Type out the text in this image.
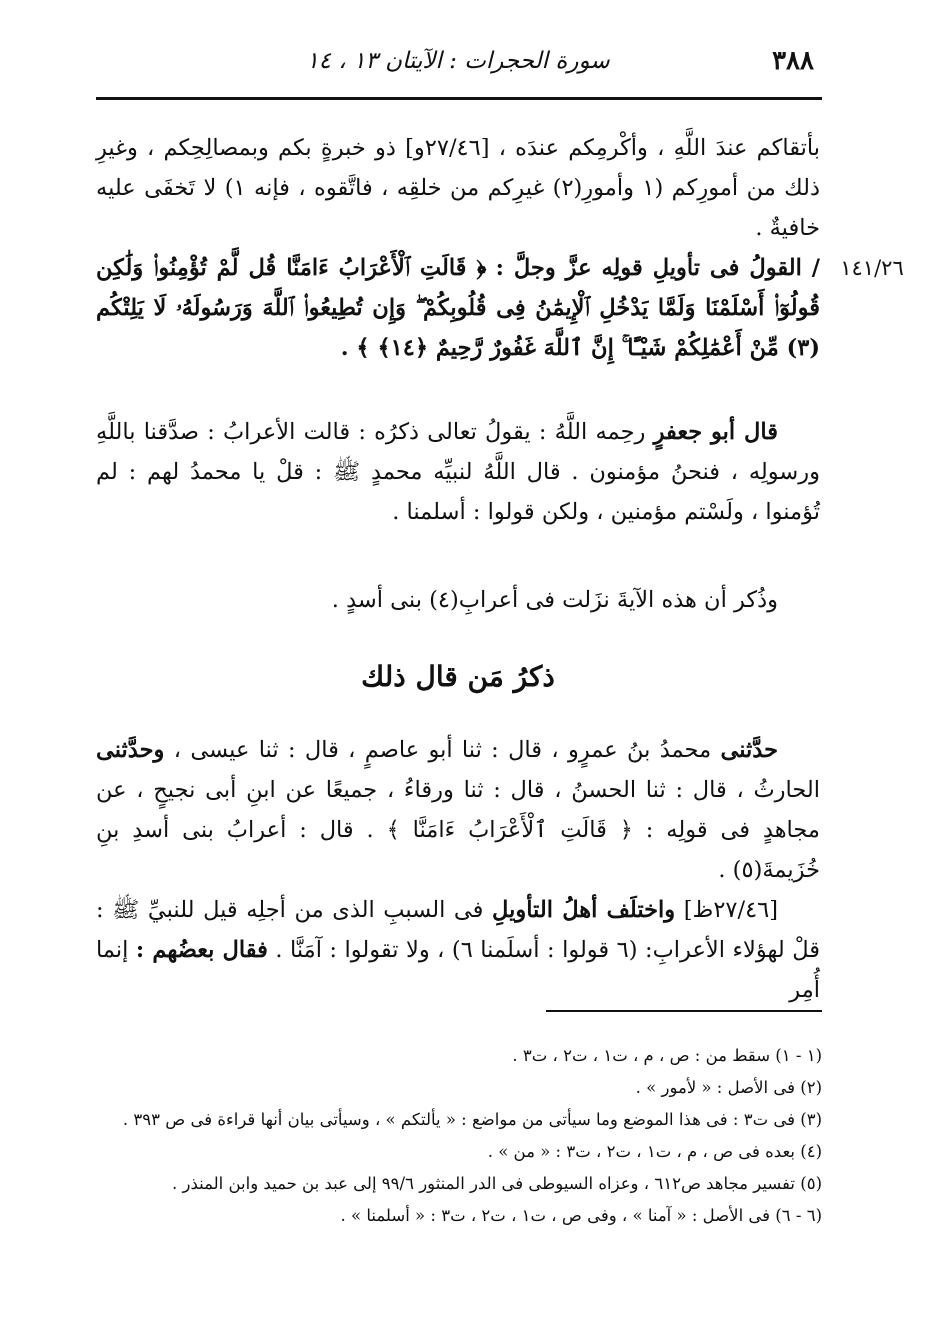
٣٨٨
سورة الحجرات : الآيتان ١٣ ، ١٤

بأتقاكم عندَ اللَّهِ ، وأكْرمِكم عندَه ، [٢٧/٤٦و] ذو خبرةٍ بكم وبمصالِحِكم ، وغيرِ ذلك من أمورِكم (١ وأمورِ(٢) غيرِكم من خلقِه ، فاتَّقوه ، فإنه ١) لا تَخفَى عليه خافيةٌ .

١٤١/٢٦

/ القولُ فى تأويلِ قولِه عزَّ وجلَّ : ﴿ قَالَتِ ٱلْأَعْرَابُ ءَامَنَّا قُل لَّمْ تُؤْمِنُوا۟ وَلَٰكِن قُولُوٓا۟ أَسْلَمْنَا وَلَمَّا يَدْخُلِ ٱلْإِيمَٰنُ فِى قُلُوبِكُمْ ۖ وَإِن تُطِيعُوا۟ ٱللَّهَ وَرَسُولَهُۥ لَا يَلِتْكُم (٣) مِّنْ أَعْمَٰلِكُمْ شَيْـًٔا ۚ إِنَّ ٱللَّهَ غَفُورٌ رَّحِيمٌ ﴿١٤﴾ ﴾ .

قال أبو جعفرٍ رحِمه اللَّهُ : يقولُ تعالى ذكرُه : قالت الأعرابُ : صدَّقنا باللَّهِ ورسولِه ، فنحنُ مؤمنون . قال اللَّهُ لنبيِّه محمدٍ ﷺ : قلْ يا محمدُ لهم : لم تُؤمنوا ، ولَسْتم مؤمنين ، ولكن قولوا : أسلمنا .

وذُكر أن هذه الآيةَ نزَلت فى أعرابِ(٤) بنى أسدٍ .

ذكرُ مَن قال ذلك

حدَّثنى محمدُ بنُ عمرٍو ، قال : ثنا أبو عاصمٍ ، قال : ثنا عيسى ، وحدَّثنى الحارثُ ، قال : ثنا الحسنُ ، قال : ثنا ورقاءُ ، جميعًا عن ابنِ أبى نجيحٍ ، عن مجاهدٍ فى قولِه : ﴿ قَالَتِ ٱلْأَعْرَابُ ءَامَنَّا ﴾ . قال : أعرابُ بنى أسدِ بنِ خُزَيمةَ(٥) .

[٢٧/٤٦ظ] واختلَف أهلُ التأويلِ فى السببِ الذى من أجلِه قيل للنبيِّ ﷺ : قلْ لهؤلاء الأعرابِ: (٦ قولوا : أسلَمنا ٦) ، ولا تقولوا : آمَنَّا . فقال بعضُهم : إنما أُمِر

(١ - ١) سقط من : ص ، م ، ت١ ، ت٢ ، ت٣ .
(٢) فى الأصل : « لأمور » .
(٣) فى ت٣ : فى هذا الموضع وما سيأتى من مواضع : « يألتكم » ، وسيأتى بيان أنها قراءة فى ص ٣٩٣ .
(٤) بعده فى ص ، م ، ت١ ، ت٢ ، ت٣ : « من » .
(٥) تفسير مجاهد ص٦١٢ ، وعزاه السيوطى فى الدر المنثور ٩٩/٦ إلى عبد بن حميد وابن المنذر .
(٦ - ٦) فى الأصل : « آمنا » ، وفى ص ، ت١ ، ت٢ ، ت٣ : « أسلمنا » .
